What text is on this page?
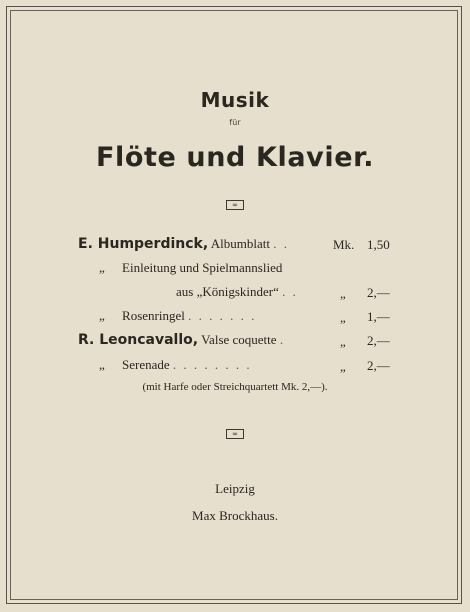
Musik
für
Flöte und Klavier.
∞
E. Humperdinck, Albumblatt . .	Mk. 1,50
„ Einleitung und Spielmannslied
aus „Königskinder“ . .	„ 2,—
„ Rosenringel . . . . . . .	„ 1,—
R. Leoncavallo, Valse coquette .	„ 2,—
„ Serenade . . . . . . . .	„ 2,—
(mit Harfe oder Streichquartett Mk. 2,—).
∞
Leipzig
Max Brockhaus.
